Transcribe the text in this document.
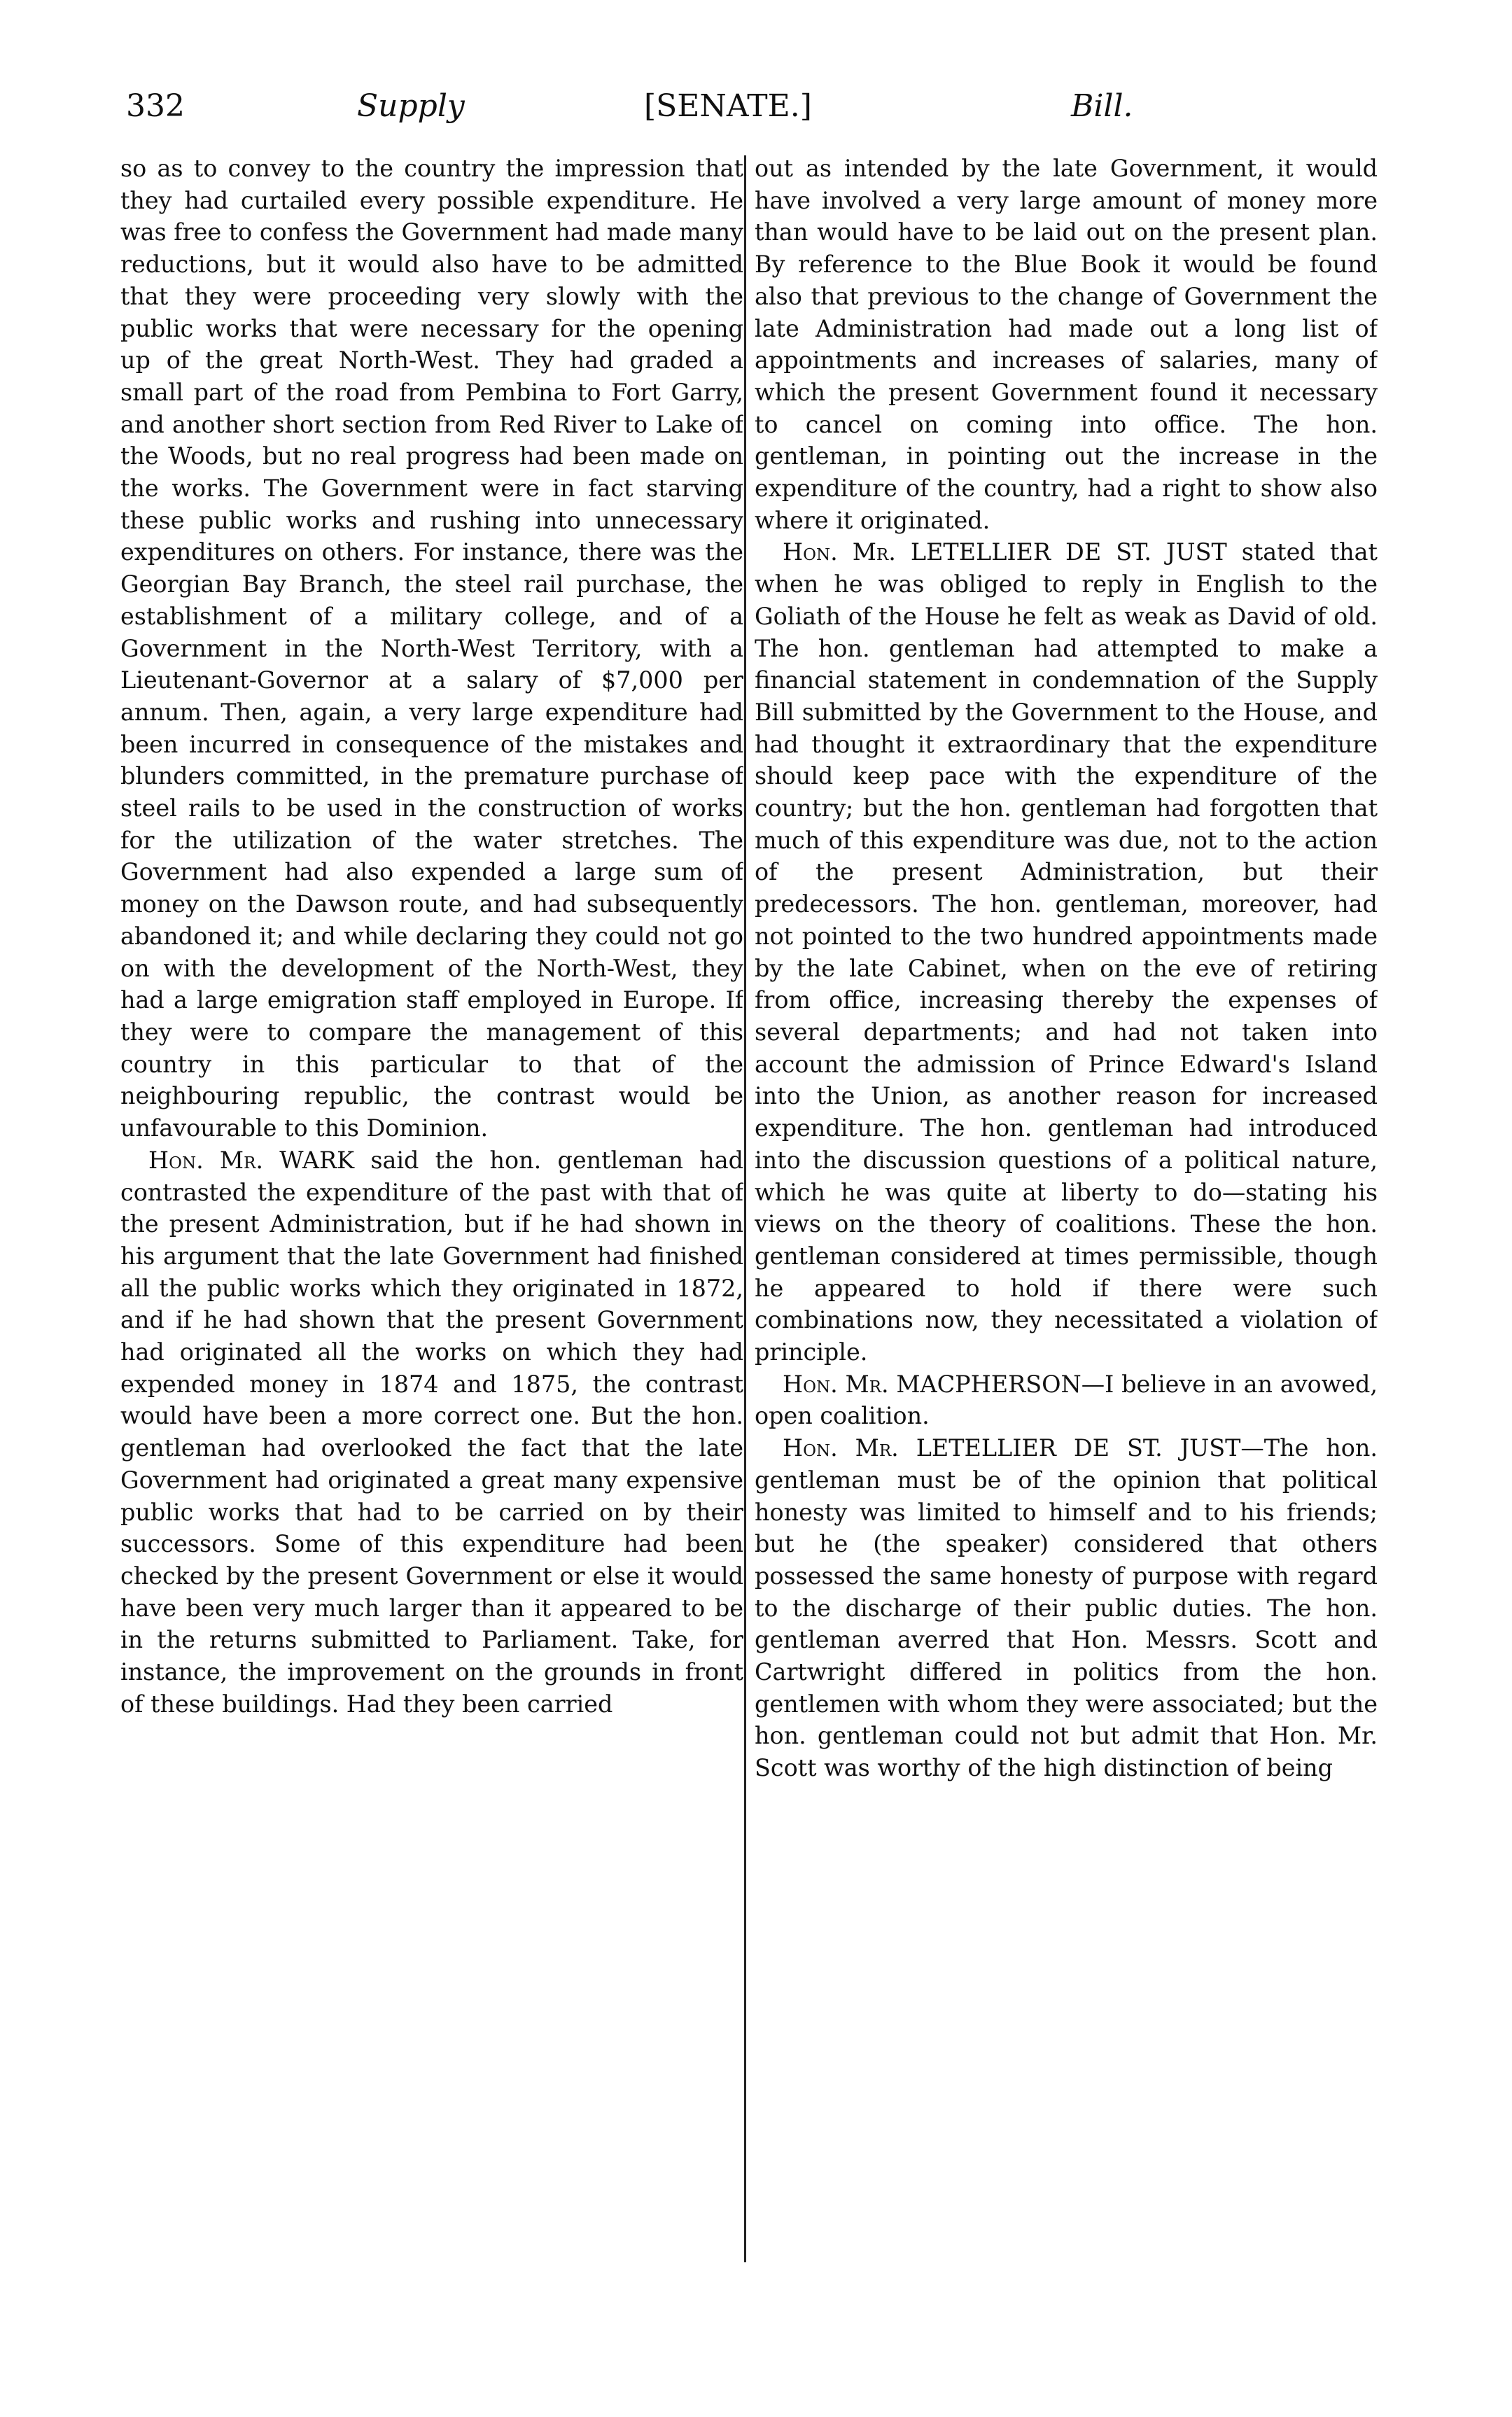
332	Supply	[SENATE.]	Bill.

so as to convey to the country the impression that they had curtailed every possible expenditure. He was free to confess the Government had made many reductions, but it would also have to be admitted that they were proceeding very slowly with the public works that were necessary for the opening up of the great North-West. They had graded a small part of the road from Pembina to Fort Garry, and another short section from Red River to Lake of the Woods, but no real progress had been made on the works. The Government were in fact starving these public works and rushing into unnecessary expenditures on others. For instance, there was the Georgian Bay Branch, the steel rail purchase, the establishment of a military college, and of a Government in the North-West Territory, with a Lieutenant-Governor at a salary of $7,000 per annum. Then, again, a very large expenditure had been incurred in consequence of the mistakes and blunders committed, in the premature purchase of steel rails to be used in the construction of works for the utilization of the water stretches. The Government had also expended a large sum of money on the Dawson route, and had subsequently abandoned it; and while declaring they could not go on with the development of the North-West, they had a large emigration staff employed in Europe. If they were to compare the management of this country in this particular to that of the neighbouring republic, the contrast would be unfavourable to this Dominion.

Hon. Mr. WARK said the hon. gentleman had contrasted the expenditure of the past with that of the present Administration, but if he had shown in his argument that the late Government had finished all the public works which they originated in 1872, and if he had shown that the present Government had originated all the works on which they had expended money in 1874 and 1875, the contrast would have been a more correct one. But the hon. gentleman had overlooked the fact that the late Government had originated a great many expensive public works that had to be carried on by their successors. Some of this expenditure had been checked by the present Government or else it would have been very much larger than it appeared to be in the returns submitted to Parliament. Take, for instance, the improvement on the grounds in front of these buildings. Had they been carried

out as intended by the late Government, it would have involved a very large amount of money more than would have to be laid out on the present plan. By reference to the Blue Book it would be found also that previous to the change of Government the late Administration had made out a long list of appointments and increases of salaries, many of which the present Government found it necessary to cancel on coming into office. The hon. gentleman, in pointing out the increase in the expenditure of the country, had a right to show also where it originated.

Hon. Mr. LETELLIER DE ST. JUST stated that when he was obliged to reply in English to the Goliath of the House he felt as weak as David of old. The hon. gentleman had attempted to make a financial statement in condemnation of the Supply Bill submitted by the Government to the House, and had thought it extraordinary that the expenditure should keep pace with the expenditure of the country; but the hon. gentleman had forgotten that much of this expenditure was due, not to the action of the present Administration, but their predecessors. The hon. gentleman, moreover, had not pointed to the two hundred appointments made by the late Cabinet, when on the eve of retiring from office, increasing thereby the expenses of several departments; and had not taken into account the admission of Prince Edward's Island into the Union, as another reason for increased expenditure. The hon. gentleman had introduced into the discussion questions of a political nature, which he was quite at liberty to do—stating his views on the theory of coalitions. These the hon. gentleman considered at times permissible, though he appeared to hold if there were such combinations now, they necessitated a violation of principle.

Hon. Mr. MACPHERSON—I believe in an avowed, open coalition.

Hon. Mr. LETELLIER DE ST. JUST—The hon. gentleman must be of the opinion that political honesty was limited to himself and to his friends; but he (the speaker) considered that others possessed the same honesty of purpose with regard to the discharge of their public duties. The hon. gentleman averred that Hon. Messrs. Scott and Cartwright differed in politics from the hon. gentlemen with whom they were associated; but the hon. gentleman could not but admit that Hon. Mr. Scott was worthy of the high distinction of being
